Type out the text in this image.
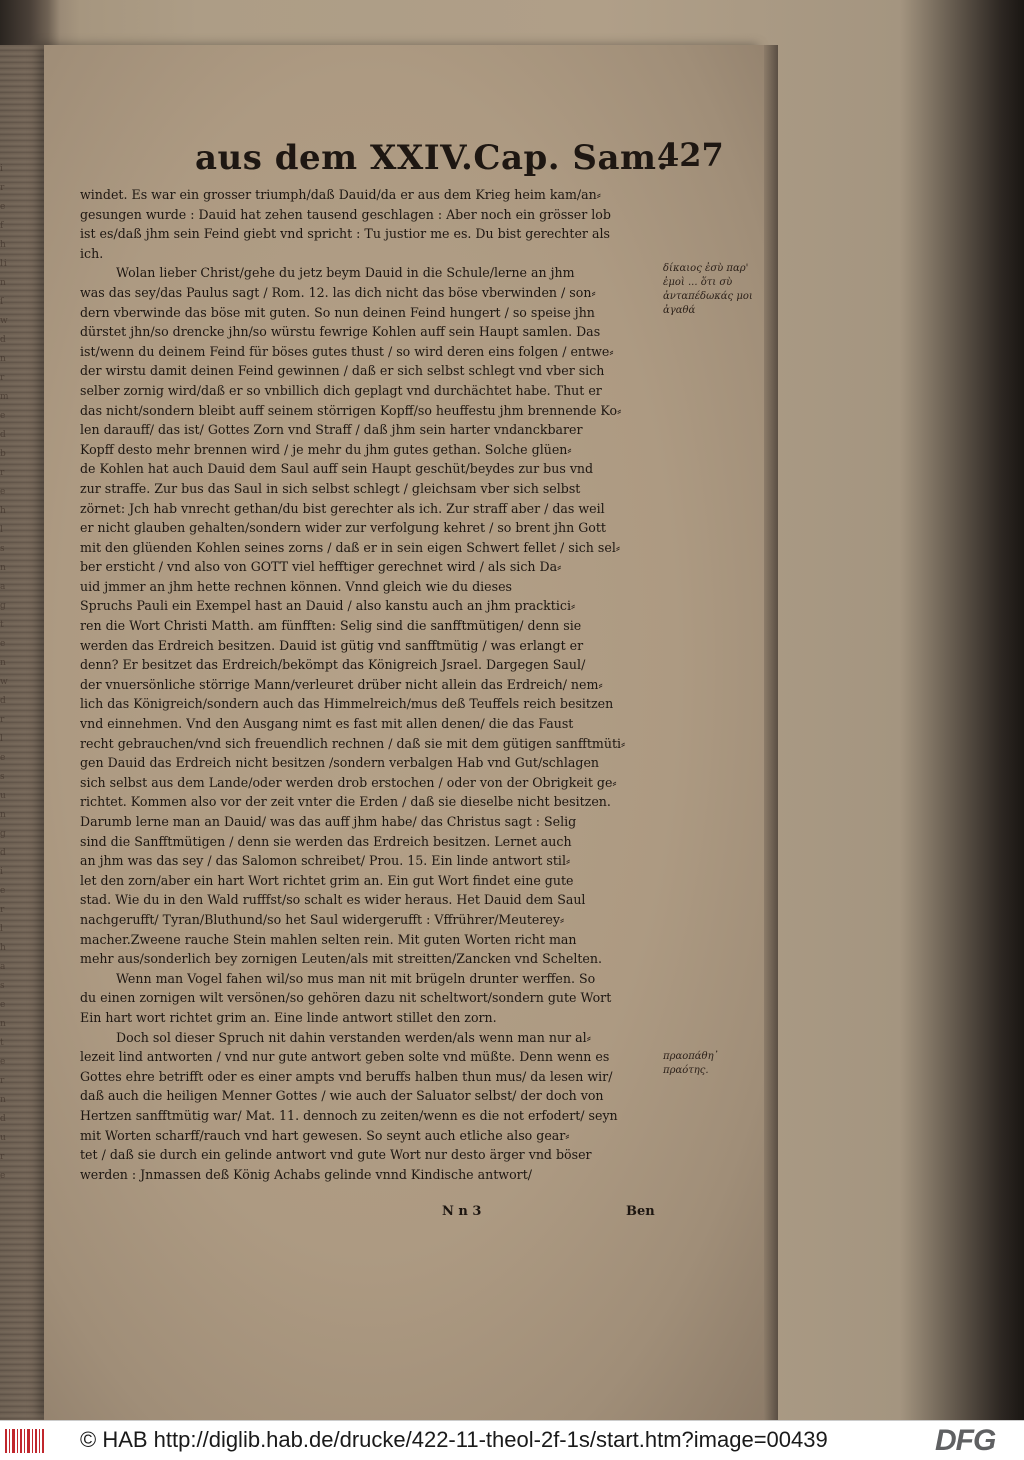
i
r
e
f
h
li
n
ſ
w
d
n
r
m
e
d
b
r
e
h
l
s
n
a
g
t
e
n
w
d
r
l
e
s
u
n
g
d
i
e
r
l
h
a
s
e
n
t
e
r
n
d
u
r
e
aus dem XXIV.Cap. Sam.
427
windet. Es war ein grosser triumph/daß Dauid/da er aus dem Krieg heim kam/an⸗
gesungen wurde : Dauid hat zehen tausend geschlagen : Aber noch ein grösser lob
ist es/daß jhm sein Feind giebt vnd spricht : Tu justior me es. Du bist gerechter als
ich.
Wolan lieber Christ/gehe du jetz beym Dauid in die Schule/lerne an jhm
was das sey/das Paulus sagt / Rom. 12. las dich nicht das böse vberwinden / son⸗
dern vberwinde das böse mit guten. So nun deinen Feind hungert / so speise jhn
dürstet jhn/so drencke jhn/so würstu fewrige Kohlen auff sein Haupt samlen. Das
ist/wenn du deinem Feind für böses gutes thust / so wird deren eins folgen / entwe⸗
der wirstu damit deinen Feind gewinnen / daß er sich selbst schlegt vnd vber sich
selber zornig wird/daß er so vnbillich dich geplagt vnd durchächtet habe. Thut er
das nicht/sondern bleibt auff seinem störrigen Kopff/so heuffestu jhm brennende Ko⸗
len darauff/ das ist/ Gottes Zorn vnd Straff / daß jhm sein harter vndanckbarer
Kopff desto mehr brennen wird / je mehr du jhm gutes gethan. Solche glüen⸗
de Kohlen hat auch Dauid dem Saul auff sein Haupt geschüt/beydes zur bus vnd
zur straffe. Zur bus das Saul in sich selbst schlegt / gleichsam vber sich selbst
zörnet: Jch hab vnrecht gethan/du bist gerechter als ich. Zur straff aber / das weil
er nicht glauben gehalten/sondern wider zur verfolgung kehret / so brent jhn Gott
mit den glüenden Kohlen seines zorns / daß er in sein eigen Schwert fellet / sich sel⸗
ber ersticht / vnd also von GOTT viel hefftiger gerechnet wird / als sich Da⸗
uid jmmer an jhm hette rechnen können. Vnnd gleich wie du dieses
Spruchs Pauli ein Exempel hast an Dauid / also kanstu auch an jhm pracktici⸗
ren die Wort Christi Matth. am fünfften: Selig sind die sanfftmütigen/ denn sie
werden das Erdreich besitzen. Dauid ist gütig vnd sanfftmütig / was erlangt er
denn? Er besitzet das Erdreich/bekömpt das Königreich Jsrael. Dargegen Saul/
der vnuersönliche störrige Mann/verleuret drüber nicht allein das Erdreich/ nem⸗
lich das Königreich/sondern auch das Himmelreich/mus deß Teuffels reich besitzen
vnd einnehmen. Vnd den Ausgang nimt es fast mit allen denen/ die das Faust
recht gebrauchen/vnd sich freuendlich rechnen / daß sie mit dem gütigen sanfftmüti⸗
gen Dauid das Erdreich nicht besitzen /sondern verbalgen Hab vnd Gut/schlagen
sich selbst aus dem Lande/oder werden drob erstochen / oder von der Obrigkeit ge⸗
richtet. Kommen also vor der zeit vnter die Erden / daß sie dieselbe nicht besitzen.
Darumb lerne man an Dauid/ was das auff jhm habe/ das Christus sagt : Selig
sind die Sanfftmütigen / denn sie werden das Erdreich besitzen. Lernet auch
an jhm was das sey / das Salomon schreibet/ Prou. 15. Ein linde antwort stil⸗
let den zorn/aber ein hart Wort richtet grim an. Ein gut Wort findet eine gute
stad. Wie du in den Wald rufffst/so schalt es wider heraus. Het Dauid dem Saul
nachgerufft/ Tyran/Bluthund/so het Saul widergerufft : Vffrührer/Meuterey⸗
macher.Zweene rauche Stein mahlen selten rein. Mit guten Worten richt man
mehr aus/sonderlich bey zornigen Leuten/als mit streitten/Zancken vnd Schelten.
Wenn man Vogel fahen wil/so mus man nit mit brügeln drunter werffen. So
du einen zornigen wilt versönen/so gehören dazu nit scheltwort/sondern gute Wort
Ein hart wort richtet grim an. Eine linde antwort stillet den zorn.
Doch sol dieser Spruch nit dahin verstanden werden/als wenn man nur al⸗
lezeit lind antworten / vnd nur gute antwort geben solte vnd müßte. Denn wenn es
Gottes ehre betrifft oder es einer ampts vnd beruffs halben thun mus/ da lesen wir/
daß auch die heiligen Menner Gottes / wie auch der Saluator selbst/ der doch von
Hertzen sanfftmütig war/ Mat. 11. dennoch zu zeiten/wenn es die not erfodert/ seyn
mit Worten scharff/rauch vnd hart gewesen. So seynt auch etliche also gear⸗
tet / daß sie durch ein gelinde antwort vnd gute Wort nur desto ärger vnd böser
werden : Jnmassen deß König Achabs gelinde vnnd Kindische antwort/
δίκαιος ἐσὺ παρ' ἐμοὶ ... ὅτι σὺ ἀνταπέδωκάς μοι ἀγαθά
πραοπάθη᾽ πραότης.
N n 3	Ben
© HAB http://diglib.hab.de/drucke/422-11-theol-2f-1s/start.htm?image=00439	DFG
